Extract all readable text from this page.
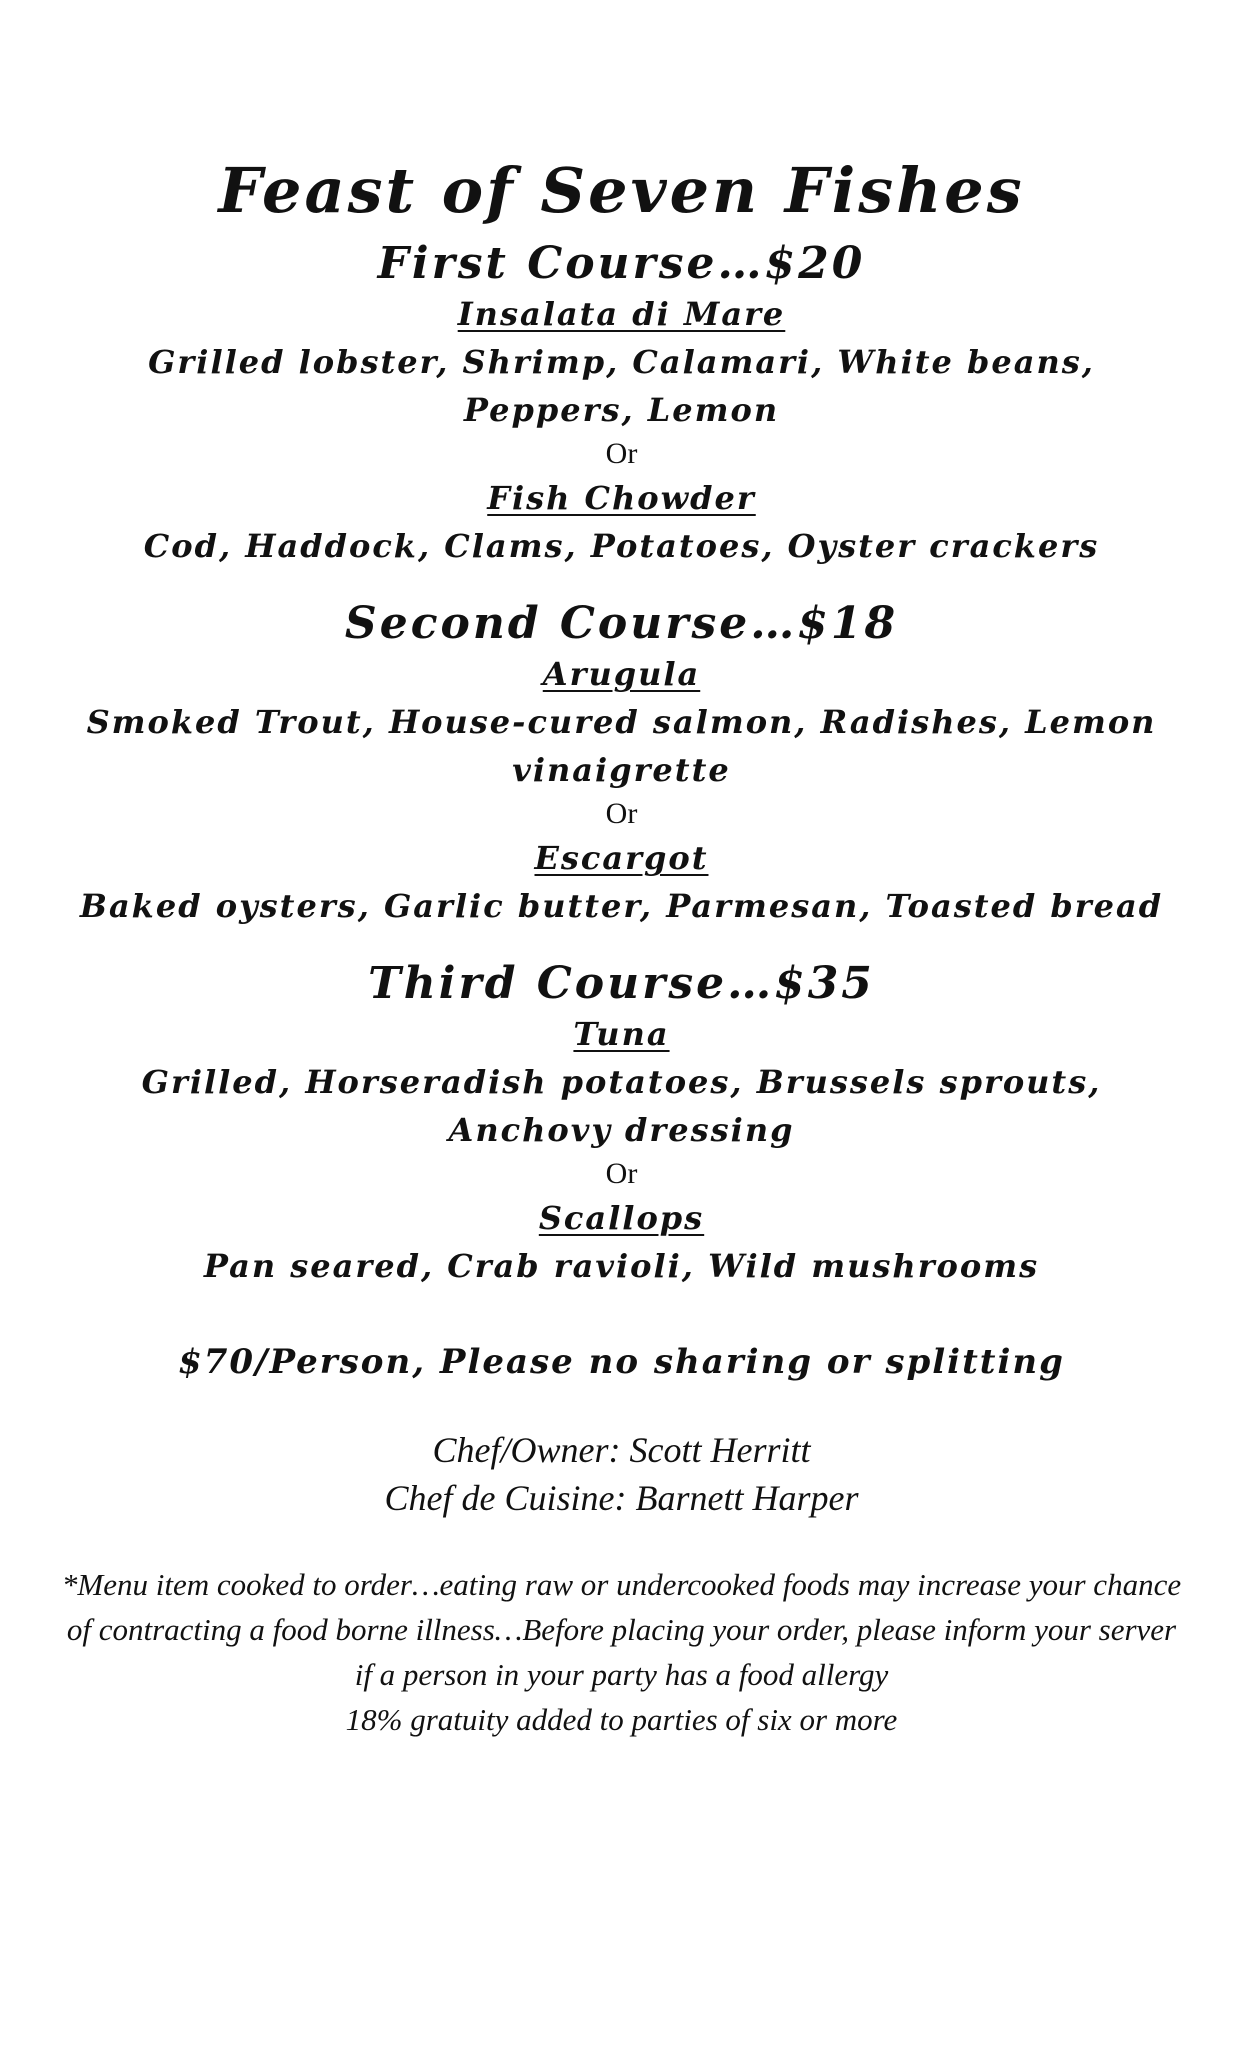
Feast of Seven Fishes
First Course…$20
Insalata di Mare
Grilled lobster, Shrimp, Calamari, White beans, Peppers, Lemon
Or
Fish Chowder
Cod, Haddock, Clams, Potatoes, Oyster crackers
Second Course…$18
Arugula
Smoked Trout, House-cured salmon, Radishes, Lemon vinaigrette
Or
Escargot
Baked oysters, Garlic butter, Parmesan, Toasted bread
Third Course…$35
Tuna
Grilled, Horseradish potatoes, Brussels sprouts, Anchovy dressing
Or
Scallops
Pan seared, Crab ravioli, Wild mushrooms
$70/Person, Please no sharing or splitting
Chef/Owner: Scott Herritt
Chef de Cuisine: Barnett Harper
*Menu item cooked to order…eating raw or undercooked foods may increase your chance of contracting a food borne illness…Before placing your order, please inform your server if a person in your party has a food allergy
18% gratuity added to parties of six or more
